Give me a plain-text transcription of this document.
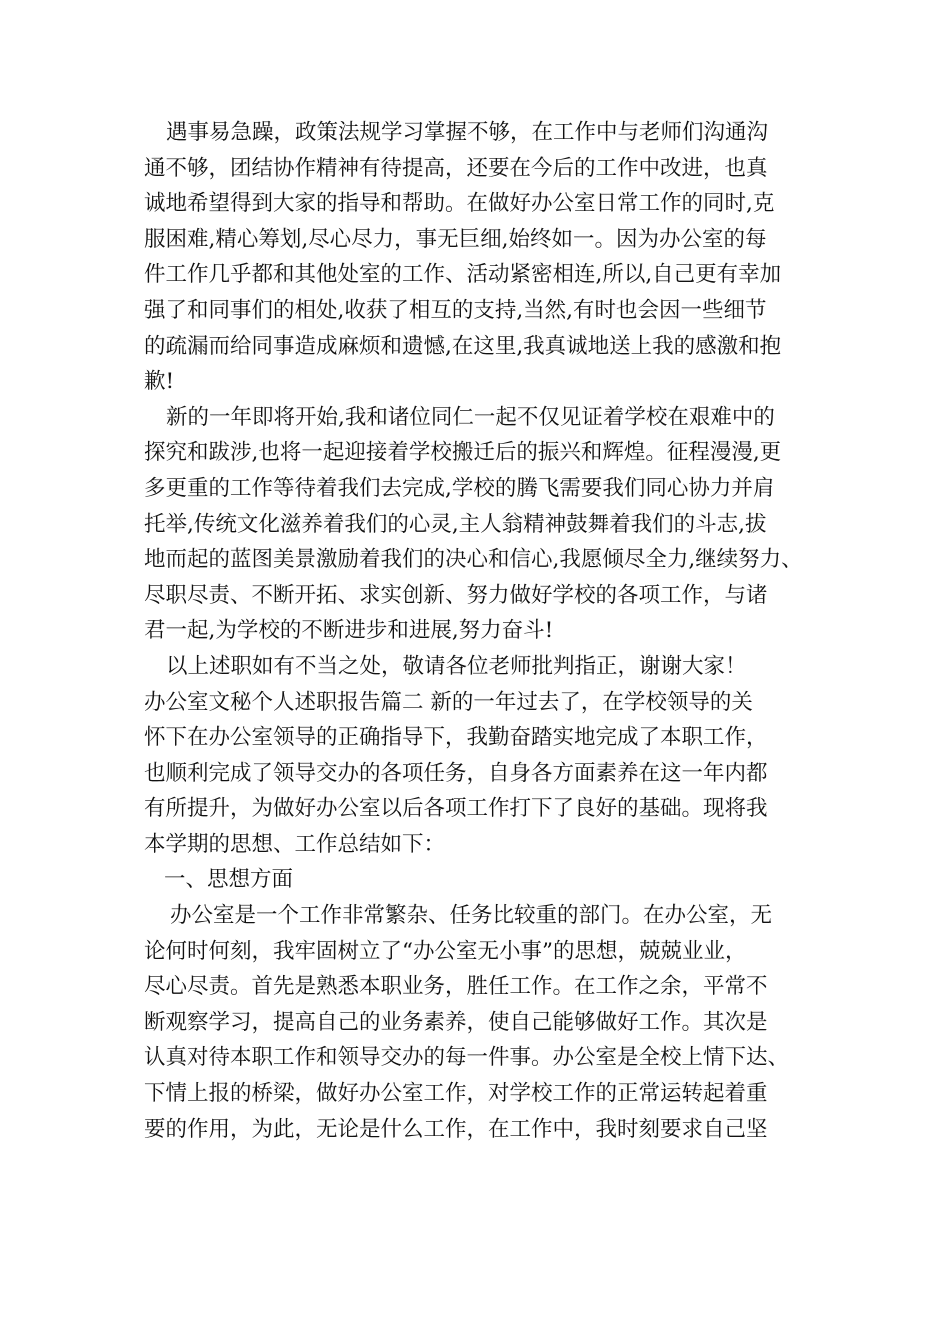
遇事易急躁，政策法规学习掌握不够，在工作中与老师们沟通沟
通不够，团结协作精神有待提高，还要在今后的工作中改进，也真
诚地希望得到大家的指导和帮助。在做好办公室日常工作的同时,克
服困难,精心筹划,尽心尽力，事无巨细,始终如一。因为办公室的每
件工作几乎都和其他处室的工作、活动紧密相连,所以,自己更有幸加
强了和同事们的相处,收获了相互的支持,当然,有时也会因一些细节
的疏漏而给同事造成麻烦和遗憾,在这里,我真诚地送上我的感激和抱
歉!
新的一年即将开始,我和诸位同仁一起不仅见证着学校在艰难中的
探究和跋涉,也将一起迎接着学校搬迁后的振兴和辉煌。征程漫漫,更
多更重的工作等待着我们去完成,学校的腾飞需要我们同心协力并肩
托举,传统文化滋养着我们的心灵,主人翁精神鼓舞着我们的斗志,拔
地而起的蓝图美景激励着我们的决心和信心,我愿倾尽全力,继续努力、
尽职尽责、不断开拓、求实创新、努力做好学校的各项工作，与诸
君一起,为学校的不断进步和进展,努力奋斗!
以上述职如有不当之处，敬请各位老师批判指正，谢谢大家！
办公室文秘个人述职报告篇二 新的一年过去了，在学校领导的关
怀下在办公室领导的正确指导下，我勤奋踏实地完成了本职工作，
也顺利完成了领导交办的各项任务，自身各方面素养在这一年内都
有所提升，为做好办公室以后各项工作打下了良好的基础。现将我
本学期的思想、工作总结如下：
一、思想方面
办公室是一个工作非常繁杂、任务比较重的部门。在办公室，无
论何时何刻，我牢固树立了“办公室无小事”的思想，兢兢业业，
尽心尽责。首先是熟悉本职业务，胜任工作。在工作之余，平常不
断观察学习，提高自己的业务素养，使自己能够做好工作。其次是
认真对待本职工作和领导交办的每一件事。办公室是全校上情下达、
下情上报的桥梁，做好办公室工作，对学校工作的正常运转起着重
要的作用，为此，无论是什么工作，在工作中，我时刻要求自己坚
